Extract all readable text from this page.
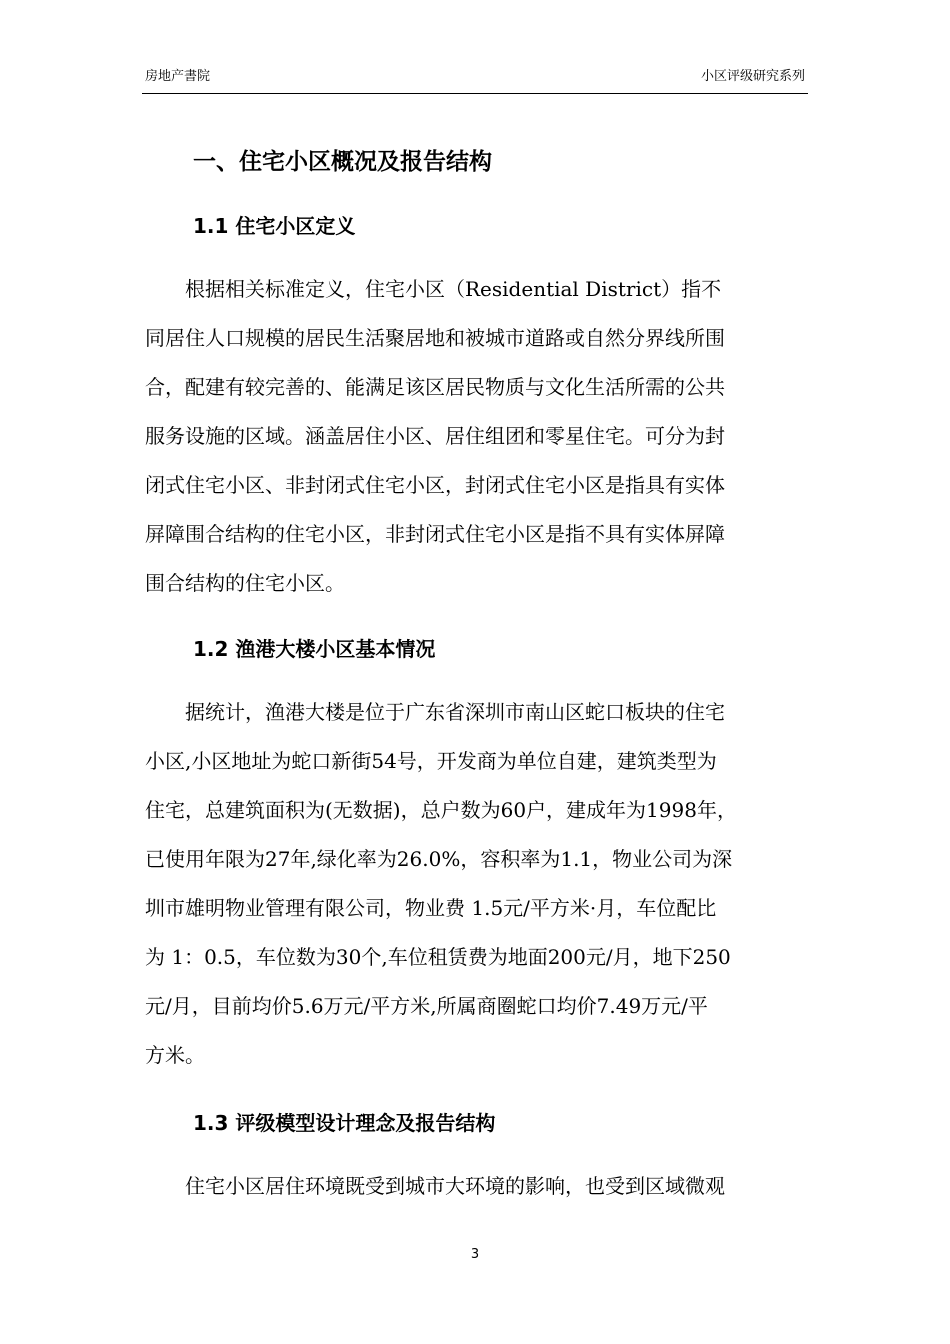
房地产書院	小区评级研究系列
一、住宅小区概况及报告结构
1.1 住宅小区定义
　　根据相关标准定义，住宅小区（Residential District）指不
同居住人口规模的居民生活聚居地和被城市道路或自然分界线所围
合，配建有较完善的、能满足该区居民物质与文化生活所需的公共
服务设施的区域。涵盖居住小区、居住组团和零星住宅。可分为封
闭式住宅小区、非封闭式住宅小区，封闭式住宅小区是指具有实体
屏障围合结构的住宅小区，非封闭式住宅小区是指不具有实体屏障
围合结构的住宅小区。
1.2 渔港大楼小区基本情况
　　据统计，渔港大楼是位于广东省深圳市南山区蛇口板块的住宅
小区,小区地址为蛇口新街54号，开发商为单位自建，建筑类型为
住宅，总建筑面积为(无数据)，总户数为60户，建成年为1998年，
已使用年限为27年,绿化率为26.0%，容积率为1.1，物业公司为深
圳市雄明物业管理有限公司，物业费 1.5元/平方米·月，车位配比
为 1：0.5，车位数为30个,车位租赁费为地面200元/月，地下250
元/月，目前均价5.6万元/平方米,所属商圈蛇口均价7.49万元/平
方米。
1.3 评级模型设计理念及报告结构
　　住宅小区居住环境既受到城市大环境的影响，也受到区域微观
3
